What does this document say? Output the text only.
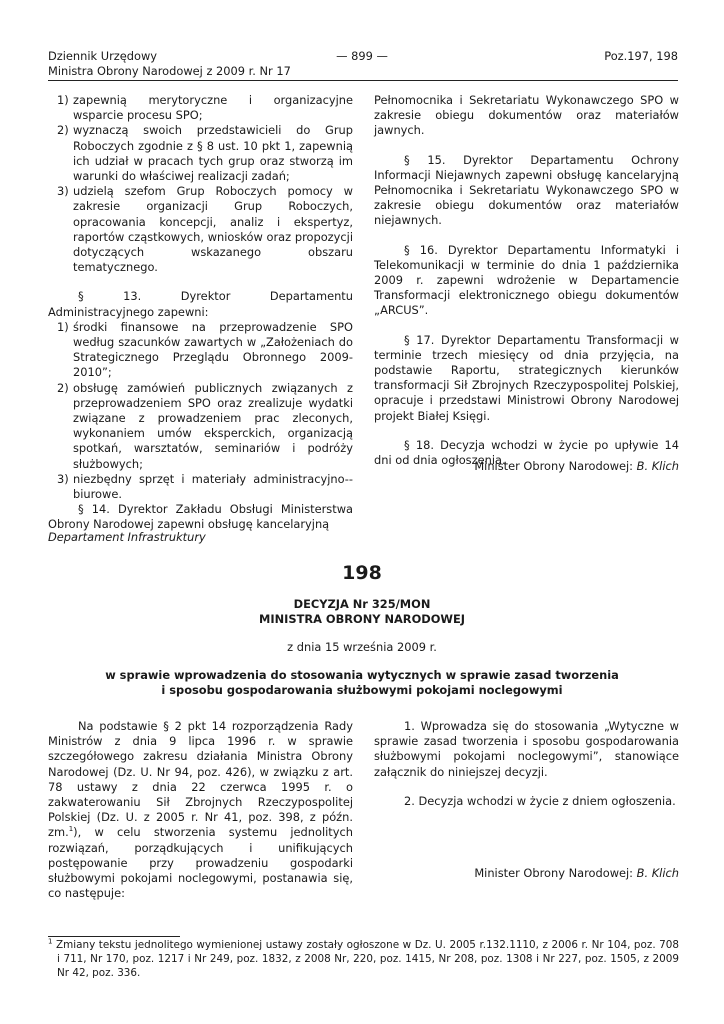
Dziennik Urzędowy
Ministra Obrony Narodowej z 2009 r. Nr 17
— 899 —	Poz.197, 198
1) zapewnią merytoryczne i organizacyjne wsparcie procesu SPO;
2) wyznaczą swoich przedstawicieli do Grup Roboczych zgodnie z § 8 ust. 10 pkt 1, zapewnią ich udział w pracach tych grup oraz stworzą im warunki do właściwej realizacji zadań;
3) udzielą szefom Grup Roboczych pomocy w zakresie organizacji Grup Roboczych, opracowania koncepcji, analiz i ekspertyz, raportów cząstkowych, wniosków oraz propozycji dotyczących wskazanego obszaru tematycznego.

§ 13. Dyrektor Departamentu Administracyjnego zapewni:

1) środki finansowe na przeprowadzenie SPO według szacunków zawartych w „Założeniach do Strategicznego Przeglądu Obronnego 2009-2010”;
2) obsługę zamówień publicznych związanych z przeprowadzeniem SPO oraz zrealizuje wydatki związane z prowadzeniem prac zleconych, wykonaniem umów eksperckich, organizacją spotkań, warsztatów, seminariów i podróży służbowych;
3) niezbędny sprzęt i materiały administracyjno--biurowe.

§ 14. Dyrektor Zakładu Obsługi Ministerstwa Obrony Narodowej zapewni obsługę kancelaryjną

Pełnomocnika i Sekretariatu Wykonawczego SPO w zakresie obiegu dokumentów oraz materiałów jawnych.

§ 15. Dyrektor Departamentu Ochrony Informacji Niejawnych zapewni obsługę kancelaryjną Pełnomocnika i Sekretariatu Wykonawczego SPO w zakresie obiegu dokumentów oraz materiałów niejawnych.

§ 16. Dyrektor Departamentu Informatyki i Telekomunikacji w terminie do dnia 1 października 2009 r. zapewni wdrożenie w Departamencie Transformacji elektronicznego obiegu dokumentów „ARCUS”.

§ 17. Dyrektor Departamentu Transformacji w terminie trzech miesięcy od dnia przyjęcia, na podstawie Raportu, strategicznych kierunków transformacji Sił Zbrojnych Rzeczypospolitej Polskiej, opracuje i przedstawi Ministrowi Obrony Narodowej projekt Białej Księgi.

§ 18. Decyzja wchodzi w życie po upływie 14 dni od dnia ogłoszenia.

Minister Obrony Narodowej: B. Klich
Departament Infrastruktury
198
DECYZJA Nr 325/MON
MINISTRA OBRONY NARODOWEJ
z dnia 15 września 2009 r.
w sprawie wprowadzenia do stosowania wytycznych w sprawie zasad tworzenia
i sposobu gospodarowania służbowymi pokojami noclegowymi

Na podstawie § 2 pkt 14 rozporządzenia Rady Ministrów z dnia 9 lipca 1996 r. w sprawie szczegółowego zakresu działania Ministra Obrony Narodowej (Dz. U. Nr 94, poz. 426), w związku z art. 78 ustawy z dnia 22 czerwca 1995 r. o zakwaterowaniu Sił Zbrojnych Rzeczypospolitej Polskiej (Dz. U. z 2005 r. Nr 41, poz. 398, z późn. zm.$^1$), w celu stworzenia systemu jednolitych rozwiązań, porządkujących i unifikujących postępowanie przy prowadzeniu gospodarki służbowymi pokojami noclegowymi, postanawia się, co następuje:

1. Wprowadza się do stosowania „Wytyczne w sprawie zasad tworzenia i sposobu gospodarowania służbowymi pokojami noclegowymi”, stanowiące załącznik do niniejszej decyzji.

2. Decyzja wchodzi w życie z dniem ogłoszenia.

Minister Obrony Narodowej: B. Klich
$^1$ Zmiany tekstu jednolitego wymienionej ustawy zostały ogłoszone w Dz. U. 2005 r.132.1110, z 2006 r. Nr 104, poz. 708 i 711, Nr 170, poz. 1217 i Nr 249, poz. 1832, z 2008 Nr, 220, poz. 1415, Nr 208, poz. 1308 i Nr 227, poz. 1505, z 2009 Nr 42, poz. 336.
